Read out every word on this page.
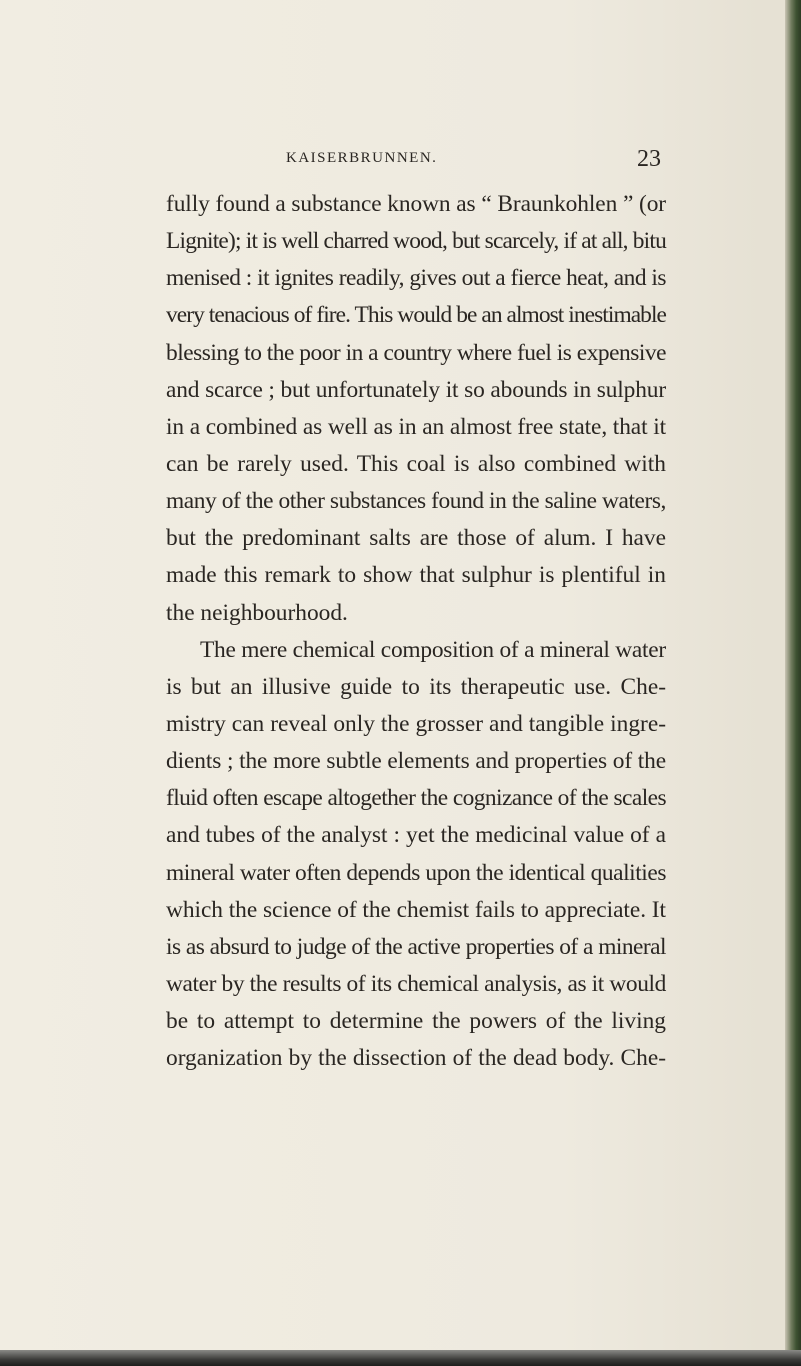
KAISERBRUNNEN.	23
fully found a substance known as “ Braunkohlen ” (or
Lignite); it is well charred wood, but scarcely, if at all, bitu
menised : it ignites readily, gives out a fierce heat, and is
very tenacious of fire. This would be an almost inestimable
blessing to the poor in a country where fuel is expensive
and scarce ; but unfortunately it so abounds in sulphur
in a combined as well as in an almost free state, that it
can be rarely used. This coal is also combined with
many of the other substances found in the saline waters,
but the predominant salts are those of alum. I have
made this remark to show that sulphur is plentiful in
the neighbourhood.
The mere chemical composition of a mineral water
is but an illusive guide to its therapeutic use. Che-
mistry can reveal only the grosser and tangible ingre-
dients ; the more subtle elements and properties of the
fluid often escape altogether the cognizance of the scales
and tubes of the analyst : yet the medicinal value of a
mineral water often depends upon the identical qualities
which the science of the chemist fails to appreciate. It
is as absurd to judge of the active properties of a mineral
water by the results of its chemical analysis, as it would
be to attempt to determine the powers of the living
organization by the dissection of the dead body. Che-
